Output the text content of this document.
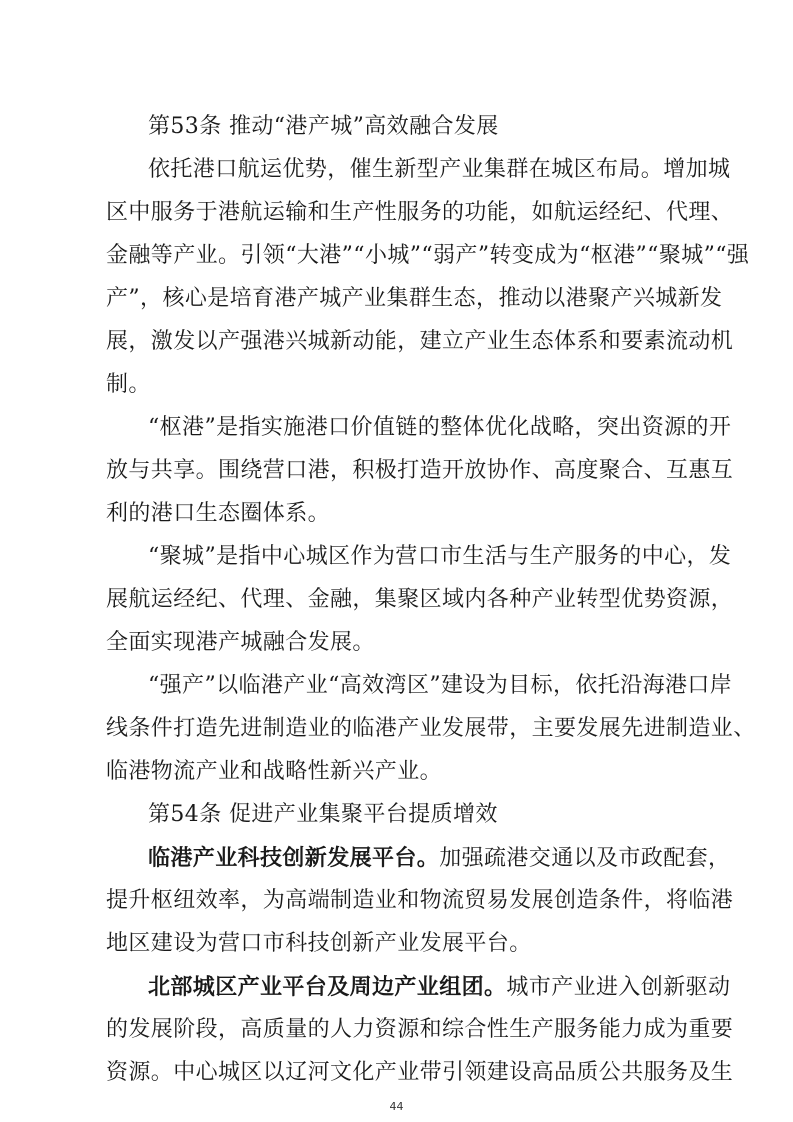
第53条 推动“港产城”高效融合发展
依托港口航运优势，催生新型产业集群在城区布局。增加城
区中服务于港航运输和生产性服务的功能，如航运经纪、代理、
金融等产业。引领“大港”“小城”“弱产”转变成为“枢港”“聚城”“强
产”，核心是培育港产城产业集群生态，推动以港聚产兴城新发
展，激发以产强港兴城新动能，建立产业生态体系和要素流动机
制。
“枢港”是指实施港口价值链的整体优化战略，突出资源的开
放与共享。围绕营口港，积极打造开放协作、高度聚合、互惠互
利的港口生态圈体系。
“聚城”是指中心城区作为营口市生活与生产服务的中心，发
展航运经纪、代理、金融，集聚区域内各种产业转型优势资源，
全面实现港产城融合发展。
“强产”以临港产业“高效湾区”建设为目标，依托沿海港口岸
线条件打造先进制造业的临港产业发展带，主要发展先进制造业、
临港物流产业和战略性新兴产业。
第54条 促进产业集聚平台提质增效
临港产业科技创新发展平台。加强疏港交通以及市政配套，
提升枢纽效率，为高端制造业和物流贸易发展创造条件，将临港
地区建设为营口市科技创新产业发展平台。
北部城区产业平台及周边产业组团。城市产业进入创新驱动
的发展阶段，高质量的人力资源和综合性生产服务能力成为重要
资源。中心城区以辽河文化产业带引领建设高品质公共服务及生
44
